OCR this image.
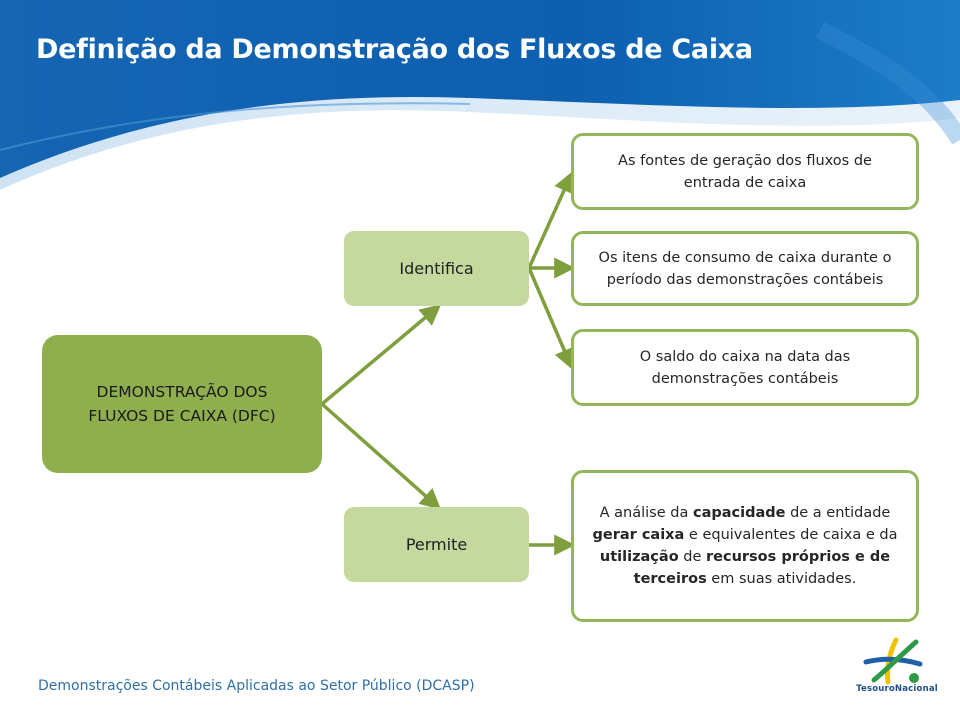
Definição da Demonstração dos Fluxos de Caixa
DEMONSTRAÇÃO DOS
FLUXOS DE CAIXA (DFC)
Identifica
Permite
As fontes de geração dos fluxos de entrada de caixa
Os itens de consumo de caixa durante o período das demonstrações contábeis
O saldo do caixa na data das demonstrações contábeis
A análise da capacidade de a entidade gerar caixa e equivalentes de caixa e da utilização de recursos próprios e de terceiros em suas atividades.
Demonstrações Contábeis Aplicadas ao Setor Público (DCASP)	TesouroNacional
